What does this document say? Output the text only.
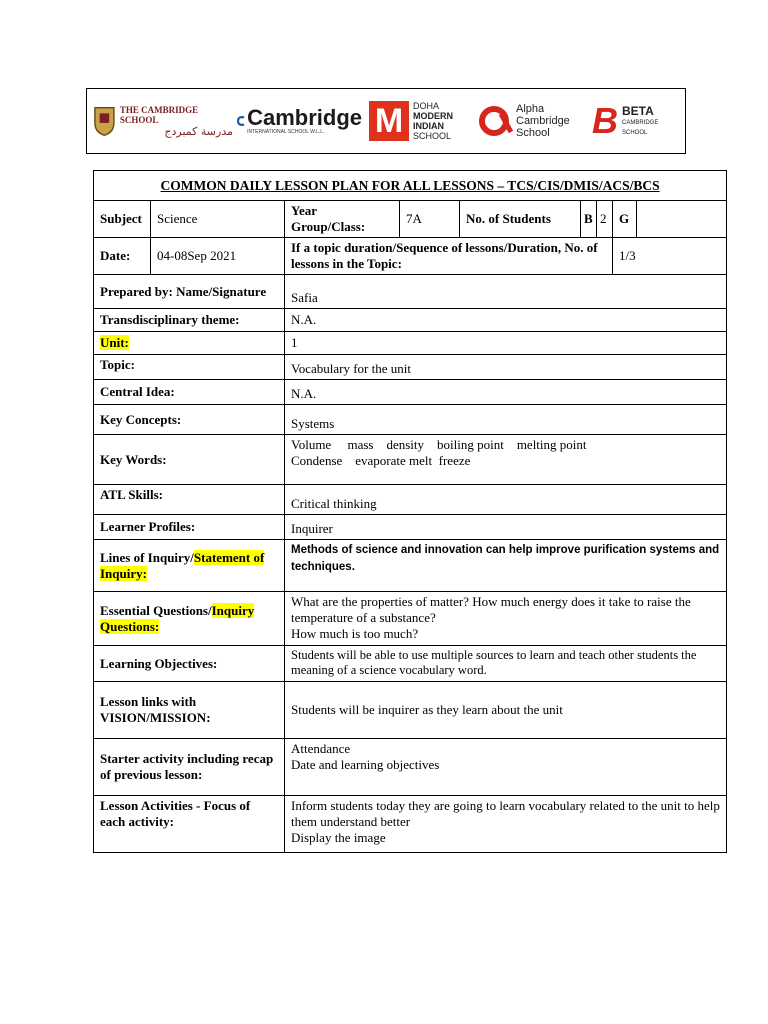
THE CAMBRIDGE SCHOOL
مدرسة كمبردج
Cambridge
INTERNATIONAL SCHOOL W.L.L.	M DOHA
MODERN
INDIAN
SCHOOL
Alpha
Cambridge
School	B BETA
CAMBRIDGE
SCHOOL
COMMON DAILY LESSON PLAN FOR ALL LESSONS – TCS/CIS/DMIS/ACS/BCS								
Subject	Science	Year Group/Class:	7A	No. of Students	B	2	G	
Date:	04-08Sep 2021	If a topic duration/Sequence of lessons/Duration, No. of lessons in the Topic:					1/3	
Prepared by: Name/Signature		Safia						
Transdisciplinary theme:		N.A.						
Unit:		1						
Topic:		Vocabulary for the unit						
Central Idea:		N.A.						
Key Concepts:		Systems						
Key Words:		Volume     mass    density    boiling point    melting point
Condense    evaporate melt  freeze						

ATL Skills:		Critical thinking						
Learner Profiles:		Inquirer						
Lines of Inquiry/Statement of Inquiry:		Methods of science and innovation can help improve purification systems and techniques.						
Essential Questions/Inquiry Questions:		What are the properties of matter? How much energy does it take to raise the temperature of a substance?
How much is too much?						

Learning Objectives:		Students will be able to use multiple sources to learn and teach other students the meaning of a science vocabulary word.						
Lesson links with VISION/MISSION:		Students will be inquirer as they learn about the unit						
Starter activity including recap of previous lesson:		Attendance
Date and learning objectives						

Lesson Activities - Focus of each activity:		Inform students today they are going to learn vocabulary related to the unit to help them understand better
Display the image						
